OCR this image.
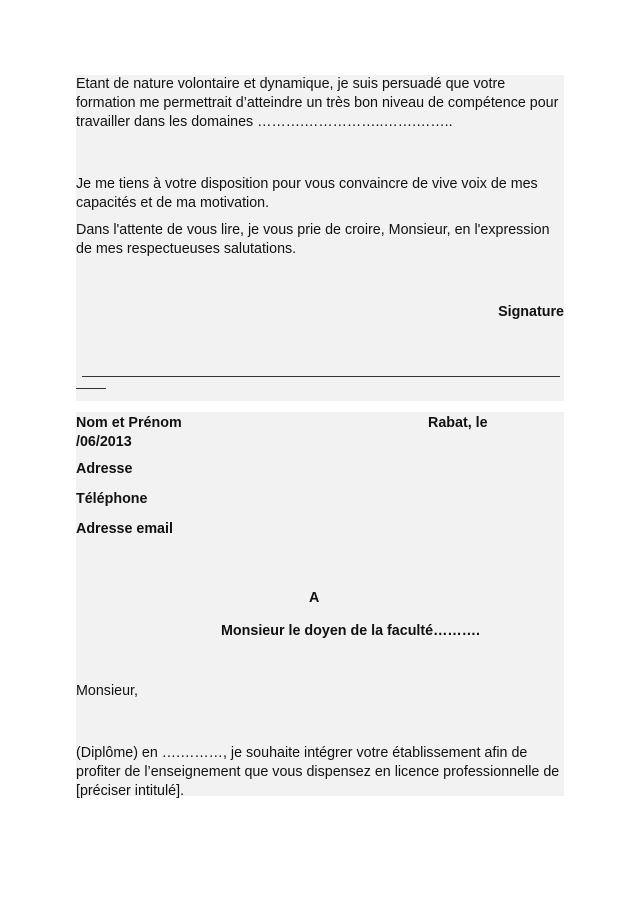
Etant de nature volontaire et dynamique, je suis persuadé que votre formation me permettrait d’atteindre un très bon niveau de compétence pour travailler dans les domaines ……….……………..…….……..

Je me tiens à votre disposition pour vous convaincre de vive voix de mes capacités et de ma motivation.

Dans l'attente de vous lire, je vous prie de croire, Monsieur, en l'expression de mes respectueuses salutations.

Signature
Nom et Prénom	Rabat, le
/06/2013
Adresse
Téléphone
Adresse email
A
Monsieur le doyen de la faculté……….
Monsieur,

(Diplôme) en ….………, je souhaite intégrer votre établissement afin de profiter de l’enseignement que vous dispensez en licence professionnelle de [préciser intitulé].
